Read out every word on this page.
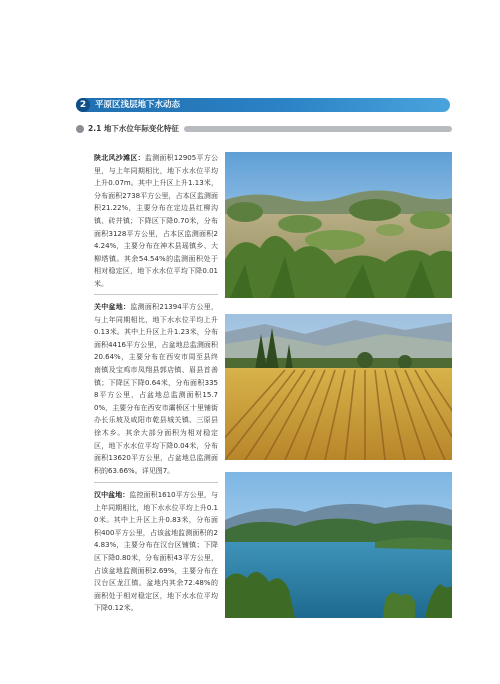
2	平原区浅层地下水动态
2.1 地下水位年际变化特征
陕北风沙滩区：监测面积12905平方公里，与上年同期相比，地下水水位平均上升0.07m。其中上升区上升1.13米，分布面积2738平方公里，占本区监测面积21.22%，主要分布在定边县红柳沟镇、砖井镇；下降区下降0.70米，分布面积3128平方公里，占本区监测面积24.24%，主要分布在神木县瑶镇乡、大柳塔镇。其余54.54%的监测面积处于相对稳定区，地下水水位平均下降0.01米。
关中盆地：监测面积21394平方公里，与上年同期相比，地下水水位平均上升0.13米。其中上升区上升1.23米，分布面积4416平方公里，占盆地总监测面积20.64%，主要分布在西安市周至县终南镇及宝鸡市凤翔县郭店镇、眉县首善镇；下降区下降0.64米，分布面积3358平方公里，占盆地总监测面积15.70%，主要分布在西安市灞桥区十里铺街办长乐坡及咸阳市乾县城关镇、三原县徐木乡。其余大部分面积为相对稳定区，地下水水位平均下降0.04米，分布面积13620平方公里，占盆地总监测面积的63.66%。详见图7。
汉中盆地：监控面积1610平方公里，与上年同期相比，地下水水位平均上升0.10米。其中上升区上升0.83米，分布面积400平方公里，占该盆地监测面积的24.83%，主要分布在汉台区铺镇；下降区下降0.80米，分布面积43平方公里，占该盆地监测面积2.69%，主要分布在汉台区龙江镇。盆地内其余72.48%的面积处于相对稳定区，地下水水位平均下降0.12米。
